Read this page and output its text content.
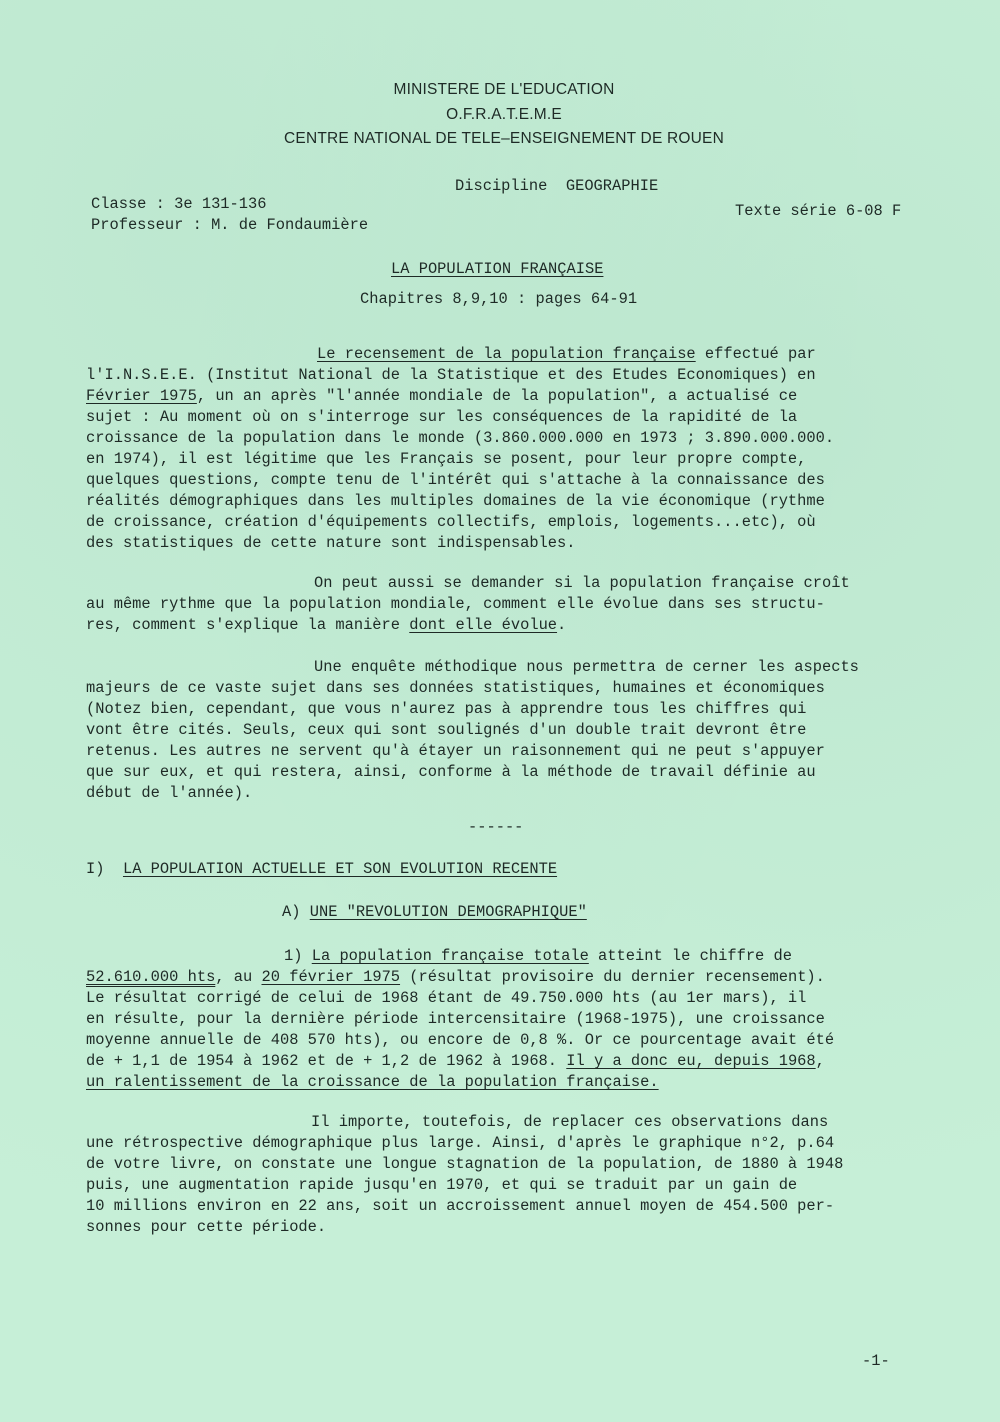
MINISTERE DE L'EDUCATION
O.F.R.A.T.E.M.E
CENTRE NATIONAL DE TELE–ENSEIGNEMENT DE ROUEN
Discipline GEOGRAPHIE
Classe : 3e 131-136	Texte série 6-08 F
Professeur : M. de Fondaumière
LA POPULATION FRANÇAISE
Chapitres 8,9,10 : pages 64-91
Le recensement de la population française effectué par
l'I.N.S.E.E. (Institut National de la Statistique et des Etudes Economiques) en
Février 1975, un an après "l'année mondiale de la population", a actualisé ce
sujet : Au moment où on s'interroge sur les conséquences de la rapidité de la
croissance de la population dans le monde (3.860.000.000 en 1973 ; 3.890.000.000.
en 1974), il est légitime que les Français se posent, pour leur propre compte,
quelques questions, compte tenu de l'intérêt qui s'attache à la connaissance des
réalités démographiques dans les multiples domaines de la vie économique (rythme
de croissance, création d'équipements collectifs, emplois, logements...etc), où
des statistiques de cette nature sont indispensables.
On peut aussi se demander si la population française croît
au même rythme que la population mondiale, comment elle évolue dans ses structu-
res, comment s'explique la manière dont elle évolue.
Une enquête méthodique nous permettra de cerner les aspects
majeurs de ce vaste sujet dans ses données statistiques, humaines et économiques
(Notez bien, cependant, que vous n'aurez pas à apprendre tous les chiffres qui
vont être cités. Seuls, ceux qui sont soulignés d'un double trait devront être
retenus. Les autres ne servent qu'à étayer un raisonnement qui ne peut s'appuyer
que sur eux, et qui restera, ainsi, conforme à la méthode de travail définie au
début de l'année).
------
I) LA POPULATION ACTUELLE ET SON EVOLUTION RECENTE
A) UNE "REVOLUTION DEMOGRAPHIQUE"
1) La population française totale atteint le chiffre de
52.610.000 hts, au 20 février 1975 (résultat provisoire du dernier recensement).
Le résultat corrigé de celui de 1968 étant de 49.750.000 hts (au 1er mars), il
en résulte, pour la dernière période intercensitaire (1968-1975), une croissance
moyenne annuelle de 408 570 hts), ou encore de 0,8 %. Or ce pourcentage avait été
de + 1,1 de 1954 à 1962 et de + 1,2 de 1962 à 1968. Il y a donc eu, depuis 1968,
un ralentissement de la croissance de la population française.
Il importe, toutefois, de replacer ces observations dans
une rétrospective démographique plus large. Ainsi, d'après le graphique n°2, p.64
de votre livre, on constate une longue stagnation de la population, de 1880 à 1948
puis, une augmentation rapide jusqu'en 1970, et qui se traduit par un gain de
10 millions environ en 22 ans, soit un accroissement annuel moyen de 454.500 per-
sonnes pour cette période.
-1-
